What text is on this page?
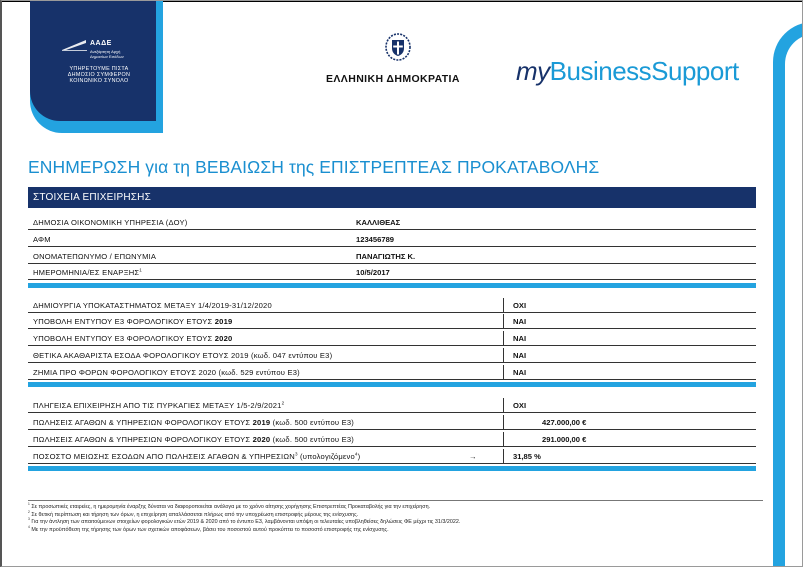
ΑΑΔΕ
Ανεξάρτητη Αρχή
Δημοσίων Εσόδων
ΥΠΗΡΕΤΟΥΜΕ ΠΙΣΤΑ
ΔΗΜΟΣΙΟ ΣΥΜΦΕΡΟΝ
ΚΟΙΝΩΝΙΚΟ ΣΥΝΟΛΟ	ΕΛΛΗΝΙΚΗ ΔΗΜΟΚΡΑΤΙΑ myBusinessSupport
ΕΝΗΜΕΡΩΣΗ για τη ΒΕΒΑΙΩΣΗ της ΕΠΙΣΤΡΕΠΤΕΑΣ ΠΡΟΚΑΤΑΒΟΛΗΣ
ΣΤΟΙΧΕΙΑ ΕΠΙΧΕΙΡΗΣΗΣ
ΔΗΜΟΣΙΑ ΟΙΚΟΝΟΜΙΚΗ ΥΠΗΡΕΣΙΑ (ΔΟΥ)	ΚΑΛΛΙΘΕΑΣ
ΑΦΜ	123456789
ΟΝΟΜΑΤΕΠΩΝΥΜΟ / ΕΠΩΝΥΜΙΑ	ΠΑΝΑΓΙΩΤΗΣ Κ.
ΗΜΕΡΟΜΗΝΙΑ/ΕΣ ΕΝΑΡΞΗΣ$^1$	10/5/2017
ΔΗΜΙΟΥΡΓΙΑ ΥΠΟΚΑΤΑΣΤΗΜΑΤΟΣ ΜΕΤΑΞΥ 1/4/2019-31/12/2020	ΟΧΙ
ΥΠΟΒΟΛΗ ΕΝΤΥΠΟΥ Ε3 ΦΟΡΟΛΟΓΙΚΟΥ ΕΤΟΥΣ 2019	ΝΑΙ
ΥΠΟΒΟΛΗ ΕΝΤΥΠΟΥ Ε3 ΦΟΡΟΛΟΓΙΚΟΥ ΕΤΟΥΣ 2020	ΝΑΙ
ΘΕΤΙΚΑ ΑΚΑΘΑΡΙΣΤΑ ΕΣΟΔΑ ΦΟΡΟΛΟΓΙΚΟΥ ΕΤΟΥΣ 2019 (κωδ. 047 εντύπου Ε3)	ΝΑΙ
ΖΗΜΙΑ ΠΡΟ ΦΟΡΩΝ ΦΟΡΟΛΟΓΙΚΟΥ ΕΤΟΥΣ 2020 (κωδ. 529 εντύπου Ε3)	ΝΑΙ
ΠΛΗΓΕΙΣΑ ΕΠΙΧΕΙΡΗΣΗ ΑΠΟ ΤΙΣ ΠΥΡΚΑΓΙΕΣ ΜΕΤΑΞΥ 1/5-2/9/2021$^2$	ΟΧΙ
ΠΩΛΗΣΕΙΣ ΑΓΑΘΩΝ & ΥΠΗΡΕΣΙΩΝ ΦΟΡΟΛΟΓΙΚΟΥ ΕΤΟΥΣ 2019 (κωδ. 500 εντύπου Ε3)	427.000,00 €
ΠΩΛΗΣΕΙΣ ΑΓΑΘΩΝ & ΥΠΗΡΕΣΙΩΝ ΦΟΡΟΛΟΓΙΚΟΥ ΕΤΟΥΣ 2020 (κωδ. 500 εντύπου Ε3)	291.000,00 €
ΠΟΣΟΣΤΟ ΜΕΙΩΣΗΣ ΕΣΟΔΩΝ ΑΠΟ ΠΩΛΗΣΕΙΣ ΑΓΑΘΩΝ & ΥΠΗΡΕΣΙΩΝ$^3$ (υπολογιζόμενο$^4$)	→	31,85 %
$^1$ Σε προσωπικές εταιρείες, η ημερομηνία έναρξης δύναται να διαφοροποιείται ανάλογα με το χρόνο αίτησης χορήγησης Επιστρεπτέας Προκαταβολής για την επιχείρηση.
$^2$ Σε θετική περίπτωση και τήρηση των όρων, η επιχείρηση απαλλάσσεται πλήρως από την υποχρέωση επιστροφής μέρους της ενίσχυσης.
$^3$ Για την άντληση των απαιτούμενων στοιχείων φορολογικών ετών 2019 & 2020 από το έντυπο Ε3, λαμβάνονται υπόψη οι τελευταίες υποβληθείσες δηλώσεις ΦΕ μέχρι τις 31/3/2022.
$^4$ Με την προϋπόθεση της τήρησης των όρων των σχετικών αποφάσεων, βάσει του ποσοστού αυτού προκύπτει το ποσοστό επιστροφής της ενίσχυσης.
